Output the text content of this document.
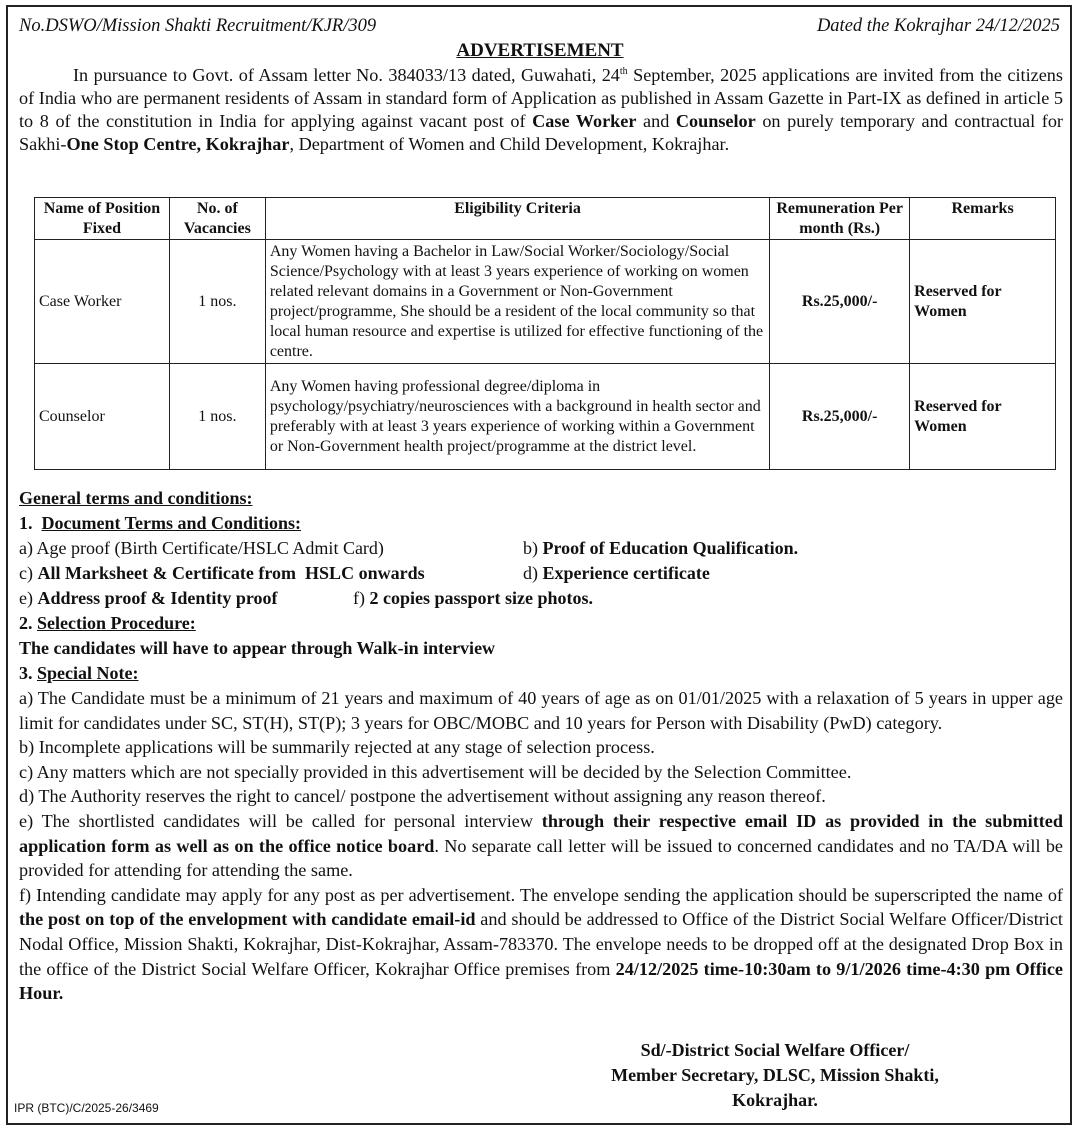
No.DSWO/Mission Shakti Recruitment/KJR/309	Dated the Kokrajhar 24/12/2025
ADVERTISEMENT

In pursuance to Govt. of Assam letter No. 384033/13 dated, Guwahati, 24th September, 2025 applications are invited from the citizens of India who are permanent residents of Assam in standard form of Application as published in Assam Gazette in Part-IX as defined in article 5 to 8 of the constitution in India for applying against vacant post of Case Worker and Counselor on purely temporary and contractual for Sakhi-One Stop Centre, Kokrajhar, Department of Women and Child Development, Kokrajhar.

Name of Position Fixed	No. of Vacancies	Eligibility Criteria	Remuneration Per month (Rs.)	Remarks
Case Worker	1 nos.	Any Women having a Bachelor in Law/Social Worker/Sociology/Social Science/Psychology with at least 3 years experience of working on women related relevant domains in a Government or Non-Government project/programme, She should be a resident of the local community so that local human resource and expertise is utilized for effective functioning of the centre.	Rs.25,000/-	Reserved for Women
Counselor	1 nos.	Any Women having professional degree/diploma in psychology/psychiatry/neurosciences with a background in health sector and preferably with at least 3 years experience of working within a Government or Non-Government health project/programme at the district level.	Rs.25,000/-	Reserved for Women
General terms and conditions:
1. Document Terms and Conditions:
a) Age proof (Birth Certificate/HSLC Admit Card)	b) Proof of Education Qualification.
c) All Marksheet & Certificate from  HSLC onwards	d) Experience certificate
e) Address proof & Identity proof	f) 2 copies passport size photos.
2. Selection Procedure:
The candidates will have to appear through Walk-in interview
3. Special Note:

a) The Candidate must be a minimum of 21 years and maximum of 40 years of age as on 01/01/2025 with a relaxation of 5 years in upper age limit for candidates under SC, ST(H), ST(P); 3 years for OBC/MOBC and 10 years for Person with Disability (PwD) category.

b) Incomplete applications will be summarily rejected at any stage of selection process.

c) Any matters which are not specially provided in this advertisement will be decided by the Selection Committee.

d) The Authority reserves the right to cancel/ postpone the advertisement without assigning any reason thereof.

e) The shortlisted candidates will be called for personal interview through their respective email ID as provided in the submitted application form as well as on the office notice board. No separate call letter will be issued to concerned candidates and no TA/DA will be provided for attending for attending the same.

f) Intending candidate may apply for any post as per advertisement. The envelope sending the application should be superscripted the name of the post on top of the envelopment with candidate email-id and should be addressed to Office of the District Social Welfare Officer/District Nodal Office, Mission Shakti, Kokrajhar, Dist-Kokrajhar, Assam-783370. The envelope needs to be dropped off at the designated Drop Box in the office of the District Social Welfare Officer, Kokrajhar Office premises from 24/12/2025 time-10:30am to 9/1/2026 time-4:30 pm Office Hour.

Sd/-District Social Welfare Officer/
Member Secretary, DLSC, Mission Shakti,
Kokrajhar.
IPR (BTC)/C/2025-26/3469
